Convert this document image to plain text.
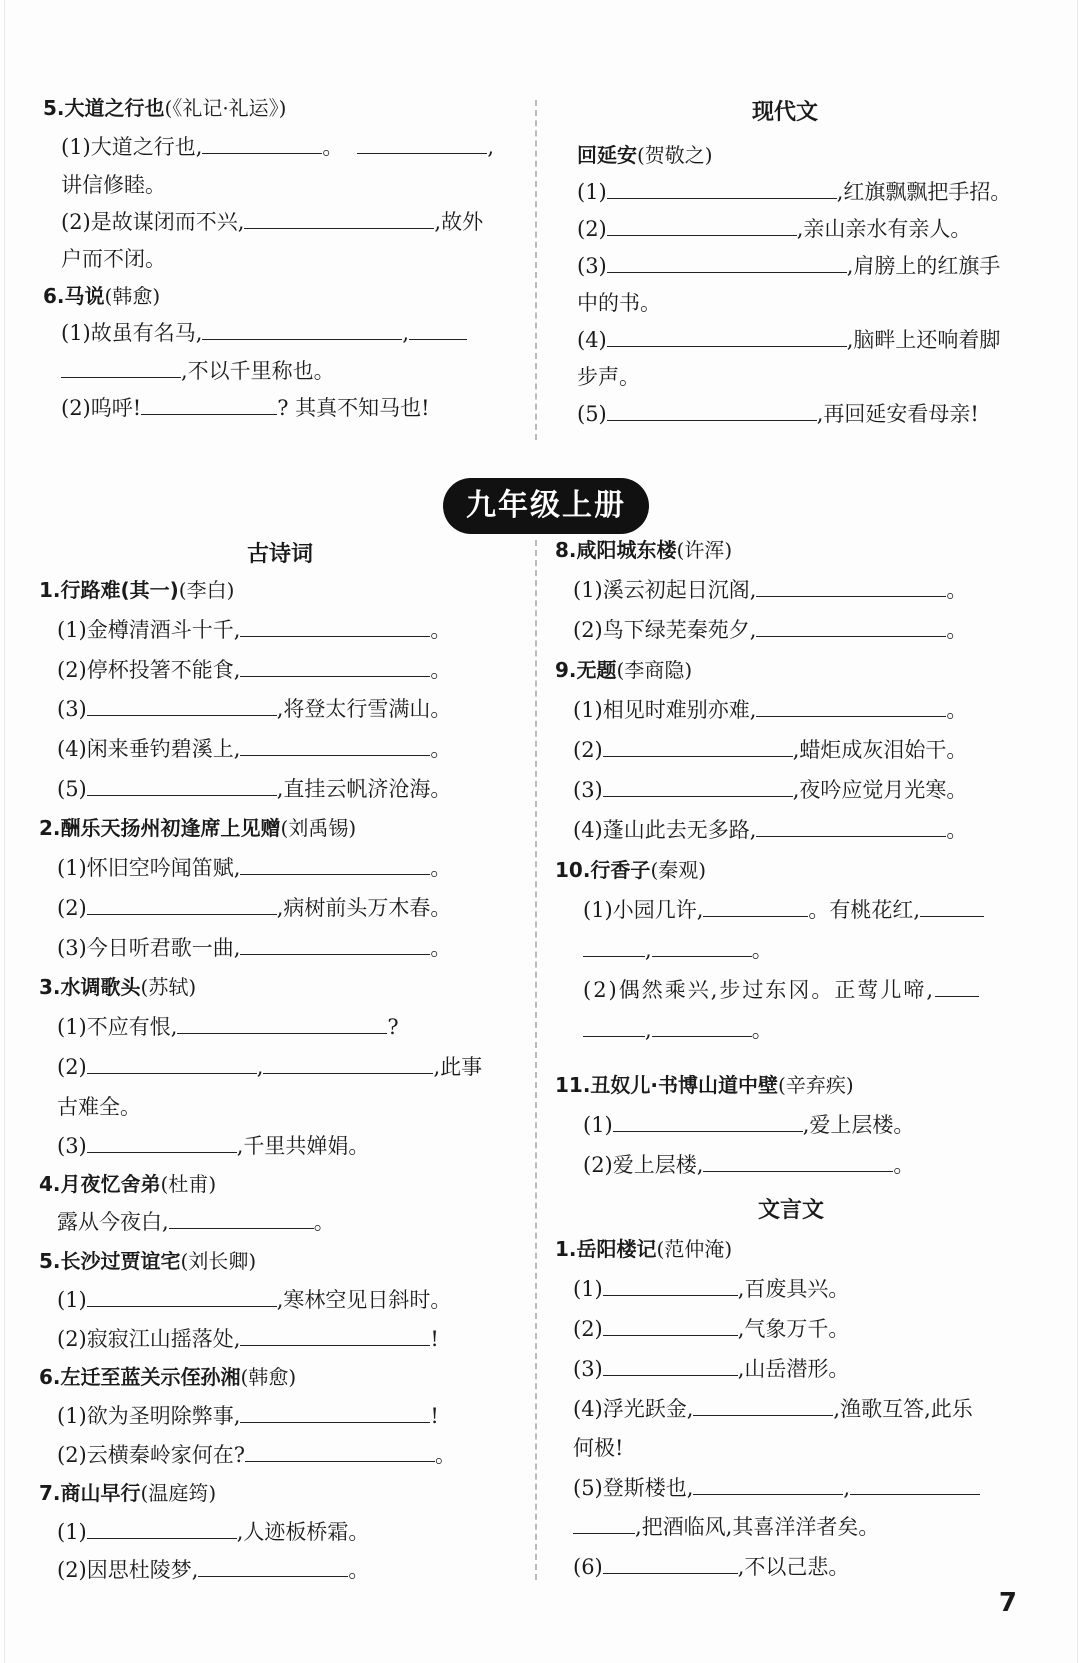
5.大道之行也(《礼记·礼运》)
(1)大道之行也,	。	,
讲信修睦。
(2)是故谋闭而不兴,	,故外
户而不闭。
6.马说(韩愈)
(1)故虽有名马,	,
,不以千里称也。
(2)呜呼!	? 其真不知马也!
现代文
回延安(贺敬之)
(1)	,红旗飘飘把手招。
(2)	,亲山亲水有亲人。
(3)	,肩膀上的红旗手
中的书。
(4)	,脑畔上还响着脚
步声。
(5)	,再回延安看母亲!
九年级上册
古诗词
1.行路难(其一)(李白)
(1)金樽清酒斗十千,	。
(2)停杯投箸不能食,	。
(3)	,将登太行雪满山。
(4)闲来垂钓碧溪上,	。
(5)	,直挂云帆济沧海。
2.酬乐天扬州初逢席上见赠(刘禹锡)
(1)怀旧空吟闻笛赋,	。
(2)	,病树前头万木春。
(3)今日听君歌一曲,	。
3.水调歌头(苏轼)
(1)不应有恨,	?
(2)	,	,此事
古难全。
(3)	,千里共婵娟。
4.月夜忆舍弟(杜甫)
露从今夜白,	。
5.长沙过贾谊宅(刘长卿)
(1)	,寒林空见日斜时。
(2)寂寂江山摇落处,	!
6.左迁至蓝关示侄孙湘(韩愈)
(1)欲为圣明除弊事,	!
(2)云横秦岭家何在?	。
7.商山早行(温庭筠)
(1)	,人迹板桥霜。
(2)因思杜陵梦,	。
8.咸阳城东楼(许浑)
(1)溪云初起日沉阁,	。
(2)鸟下绿芜秦苑夕,	。
9.无题(李商隐)
(1)相见时难别亦难,	。
(2)	,蜡炬成灰泪始干。
(3)	,夜吟应觉月光寒。
(4)蓬山此去无多路,	。
10.行香子(秦观)
(1)小园几许,	。有桃花红,
,	。
(2)偶然乘兴,步过东冈。正莺儿啼,
,	。
11.丑奴儿·书博山道中壁(辛弃疾)
(1)	,爱上层楼。
(2)爱上层楼,	。
文言文
1.岳阳楼记(范仲淹)
(1)	,百废具兴。
(2)	,气象万千。
(3)	,山岳潜形。
(4)浮光跃金,	,渔歌互答,此乐
何极!
(5)登斯楼也,	,
,把酒临风,其喜洋洋者矣。
(6)	,不以己悲。
7
